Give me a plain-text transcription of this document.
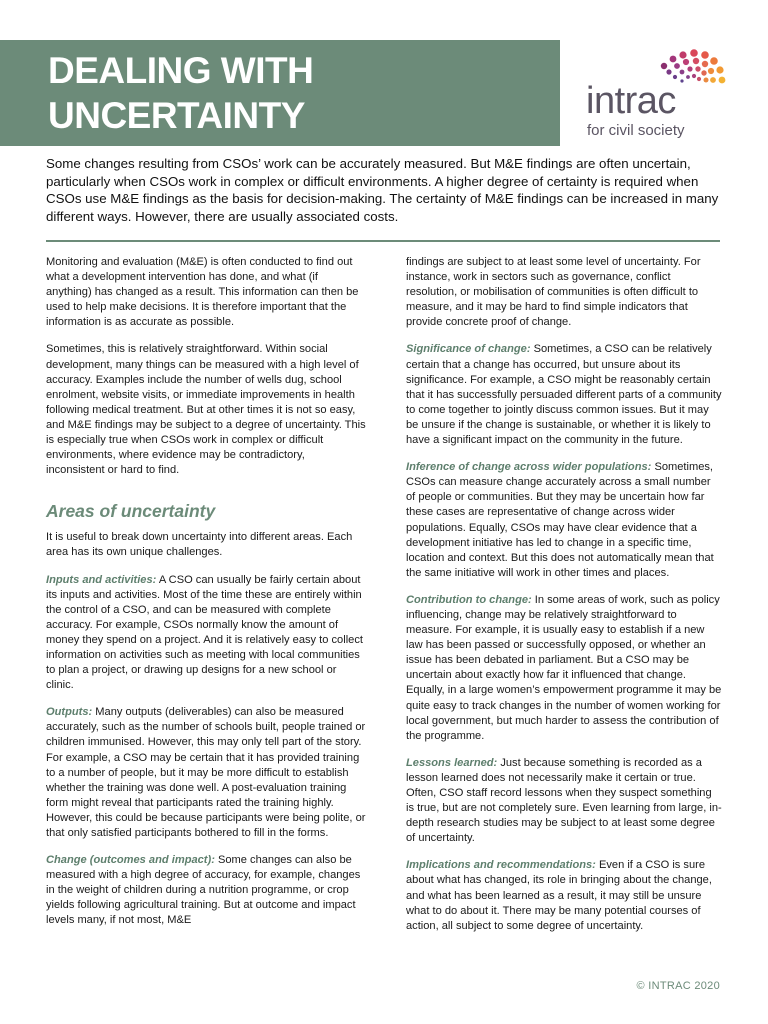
DEALING WITH
UNCERTAINTY	intrac
for civil society

Some changes resulting from CSOs’ work can be accurately measured. But M&E findings are often uncertain, particularly when CSOs work in complex or difficult environments. A higher degree of certainty is required when CSOs use M&E findings as the basis for decision-making. The certainty of M&E findings can be increased in many different ways. However, there are usually associated costs.

Monitoring and evaluation (M&E) is often conducted to find out what a development intervention has done, and what (if anything) has changed as a result. This information can then be used to help make decisions. It is therefore important that the information is as accurate as possible.

Sometimes, this is relatively straightforward. Within social development, many things can be measured with a high level of accuracy. Examples include the number of wells dug, school enrolment, website visits, or immediate improvements in health following medical treatment. But at other times it is not so easy, and M&E findings may be subject to a degree of uncertainty. This is especially true when CSOs work in complex or difficult environments, where evidence may be contradictory, inconsistent or hard to find.

Areas of uncertainty

It is useful to break down uncertainty into different areas. Each area has its own unique challenges.

Inputs and activities: A CSO can usually be fairly certain about its inputs and activities. Most of the time these are entirely within the control of a CSO, and can be measured with complete accuracy. For example, CSOs normally know the amount of money they spend on a project. And it is relatively easy to collect information on activities such as meeting with local communities to plan a project, or drawing up designs for a new school or clinic.

Outputs: Many outputs (deliverables) can also be measured accurately, such as the number of schools built, people trained or children immunised. However, this may only tell part of the story. For example, a CSO may be certain that it has provided training to a number of people, but it may be more difficult to establish whether the training was done well. A post-evaluation training form might reveal that participants rated the training highly. However, this could be because participants were being polite, or that only satisfied participants bothered to fill in the forms.

Change (outcomes and impact): Some changes can also be measured with a high degree of accuracy, for example, changes in the weight of children during a nutrition programme, or crop yields following agricultural training. But at outcome and impact levels many, if not most, M&E

findings are subject to at least some level of uncertainty. For instance, work in sectors such as governance, conflict resolution, or mobilisation of communities is often difficult to measure, and it may be hard to find simple indicators that provide concrete proof of change.

Significance of change: Sometimes, a CSO can be relatively certain that a change has occurred, but unsure about its significance. For example, a CSO might be reasonably certain that it has successfully persuaded different parts of a community to come together to jointly discuss common issues. But it may be unsure if the change is sustainable, or whether it is likely to have a significant impact on the community in the future.

Inference of change across wider populations: Sometimes, CSOs can measure change accurately across a small number of people or communities. But they may be uncertain how far these cases are representative of change across wider populations. Equally, CSOs may have clear evidence that a development initiative has led to change in a specific time, location and context. But this does not automatically mean that the same initiative will work in other times and places.

Contribution to change: In some areas of work, such as policy influencing, change may be relatively straightforward to measure. For example, it is usually easy to establish if a new law has been passed or successfully opposed, or whether an issue has been debated in parliament. But a CSO may be uncertain about exactly how far it influenced that change. Equally, in a large women’s empowerment programme it may be quite easy to track changes in the number of women working for local government, but much harder to assess the contribution of the programme.

Lessons learned: Just because something is recorded as a lesson learned does not necessarily make it certain or true. Often, CSO staff record lessons when they suspect something is true, but are not completely sure. Even learning from large, in-depth research studies may be subject to at least some degree of uncertainty.

Implications and recommendations: Even if a CSO is sure about what has changed, its role in bringing about the change, and what has been learned as a result, it may still be unsure what to do about it. There may be many potential courses of action, all subject to some degree of uncertainty.

© INTRAC 2020
